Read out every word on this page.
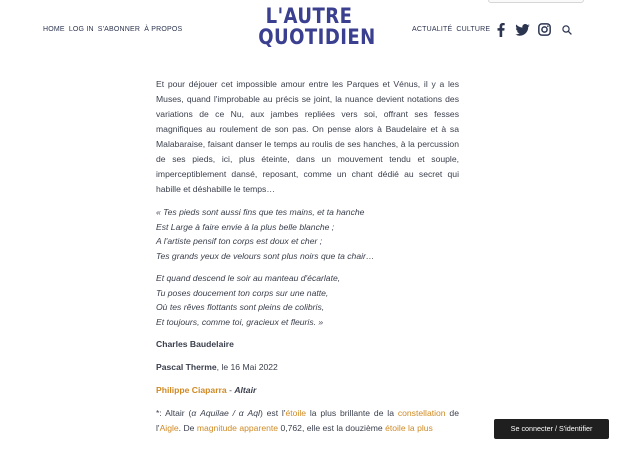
HOME LOG IN S'ABONNER À PROPOS
L'AUTRE
QUOTIDIEN	ACTUALITÉ CULTURE

Et pour déjouer cet impossible amour entre les Parques et Vénus, il y a les Muses, quand l'improbable au précis se joint, la nuance devient notations des variations de ce Nu, aux jambes repliées vers soi, offrant ses fesses magnifiques au roulement de son pas. On pense alors à Baudelaire et à sa Malabaraise, faisant danser le temps au roulis de ses hanches, à la percussion de ses pieds, ici, plus éteinte, dans un mouvement tendu et souple, imperceptiblement dansé, reposant, comme un chant dédié au secret qui habille et déshabille le temps…

« Tes pieds sont aussi fins que tes mains, et ta hanche
Est Large à faire envie à la plus belle blanche ;
A l'artiste pensif ton corps est doux et cher ;
Tes grands yeux de velours sont plus noirs que ta chair…
Et quand descend le soir au manteau d'écarlate,
Tu poses doucement ton corps sur une natte,
Où tes rêves flottants sont pleins de colibris,
Et toujours, comme toi, gracieux et fleuris. »

Charles Baudelaire

Pascal Therme, le 16 Mai 2022

Philippe Ciaparra - Altair

*: Altair (α Aquilae / α Aql) est l'étoile la plus brillante de la constellation de l'Aigle. De magnitude apparente 0,762, elle est la douzième étoile la plus	Se connecter / S'identifier
